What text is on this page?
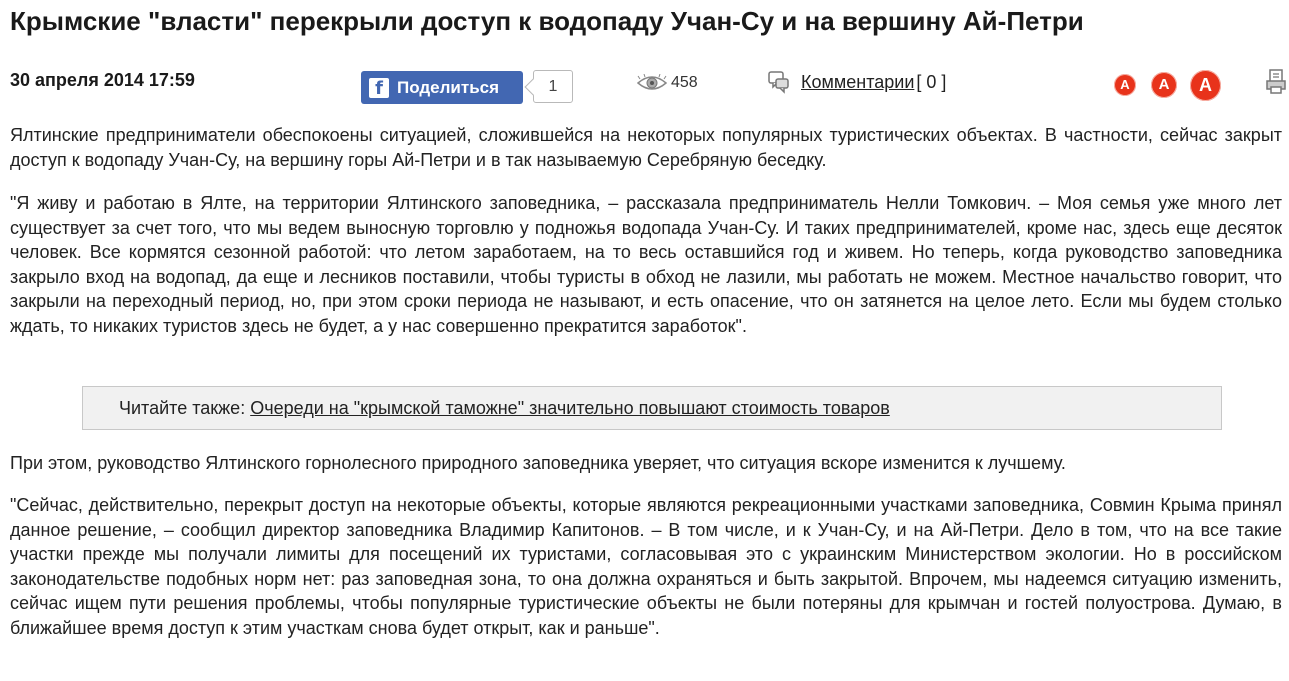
Крымские "власти" перекрыли доступ к водопаду Учан-Су и на вершину Ай-Петри
30 апреля 2014 17:59	f Поделиться	1	458	Комментарии [ 0 ]	A	A	A

Ялтинские предприниматели обеспокоены ситуацией, сложившейся на некоторых популярных туристических объектах. В частности, сейчас закрыт доступ к водопаду Учан-Су, на вершину горы Ай-Петри и в так называемую Серебряную беседку.

"Я живу и работаю в Ялте, на территории Ялтинского заповедника, – рассказала предприниматель Нелли Томкович. – Моя семья уже много лет существует за счет того, что мы ведем выносную торговлю у подножья водопада Учан-Су. И таких предпринимателей, кроме нас, здесь еще десяток человек. Все кормятся сезонной работой: что летом заработаем, на то весь оставшийся год и живем. Но теперь, когда руководство заповедника закрыло вход на водопад, да еще и лесников поставили, чтобы туристы в обход не лазили, мы работать не можем. Местное начальство говорит, что закрыли на переходный период, но, при этом сроки периода не называют, и есть опасение, что он затянется на целое лето. Если мы будем столько ждать, то никаких туристов здесь не будет, а у нас совершенно прекратится заработок".

Читайте также: Очереди на "крымской таможне" значительно повышают стоимость товаров

При этом, руководство Ялтинского горнолесного природного заповедника уверяет, что ситуация вскоре изменится к лучшему.

"Сейчас, действительно, перекрыт доступ на некоторые объекты, которые являются рекреационными участками заповедника, Совмин Крыма принял данное решение, – сообщил директор заповедника Владимир Капитонов. – В том числе, и к Учан-Су, и на Ай-Петри. Дело в том, что на все такие участки прежде мы получали лимиты для посещений их туристами, согласовывая это с украинским Министерством экологии. Но в российском законодательстве подобных норм нет: раз заповедная зона, то она должна охраняться и быть закрытой. Впрочем, мы надеемся ситуацию изменить, сейчас ищем пути решения проблемы, чтобы популярные туристические объекты не были потеряны для крымчан и гостей полуострова. Думаю, в ближайшее время доступ к этим участкам снова будет открыт, как и раньше".
